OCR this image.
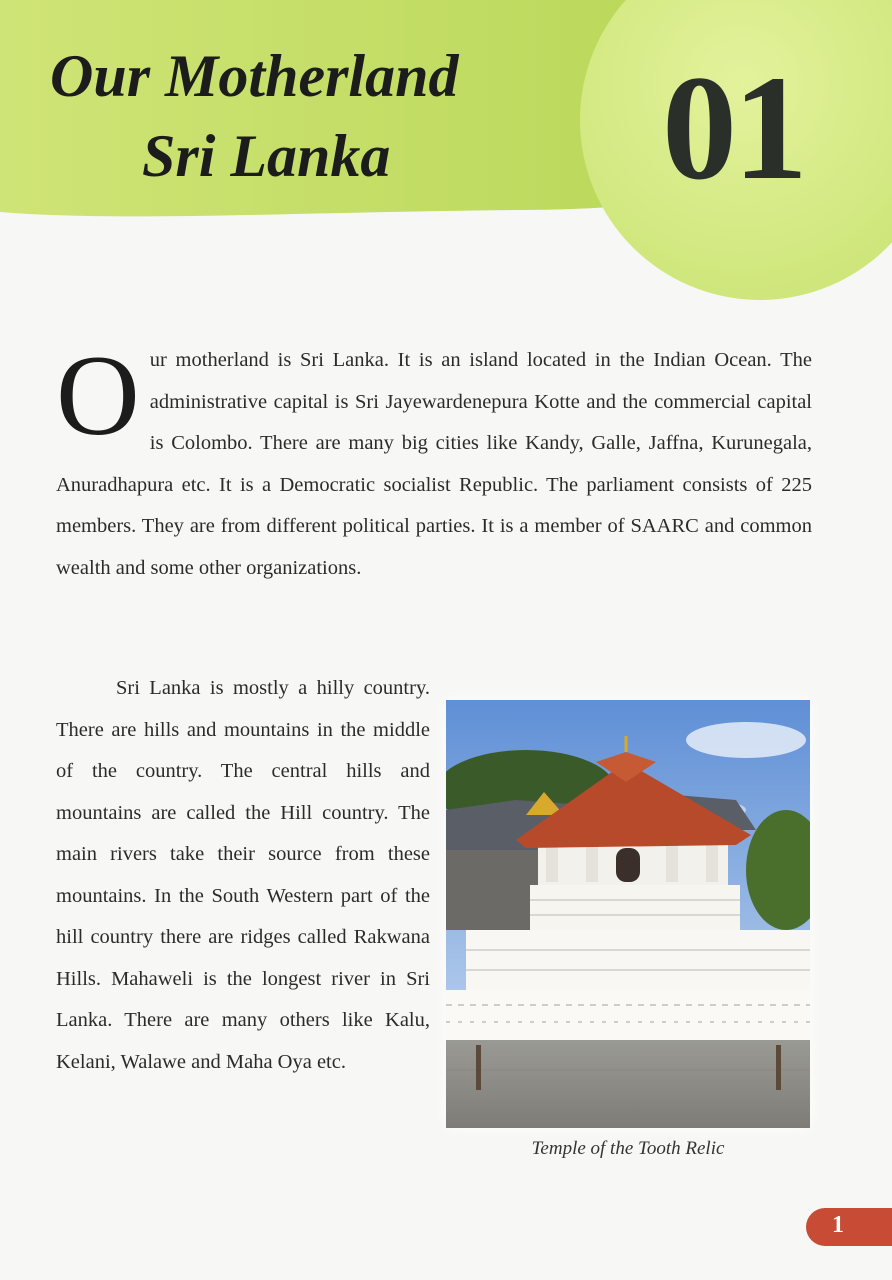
Our Motherland
Sri Lanka	01

Our motherland is Sri Lanka. It is an island located in the Indian Ocean. The administrative capital is Sri Jayewardenepura Kotte and the commercial capital is Colombo. There are many big cities like Kandy, Galle, Jaffna, Kurunegala, Anuradhapura etc. It is a Democratic socialist Republic. The parliament consists of 225 members. They are from different political parties. It is a member of SAARC and common wealth and some other organizations.

Sri Lanka is mostly a hilly country. There are hills and mountains in the middle of the country. The central hills and mountains are called the Hill country. The main rivers take their source from these mountains. In the South Western part of the hill country there are ridges called Rakwana Hills. Mahaweli is the longest river in Sri Lanka. There are many others like Kalu, Kelani, Walawe and Maha Oya etc.

Temple of the Tooth Relic
1
